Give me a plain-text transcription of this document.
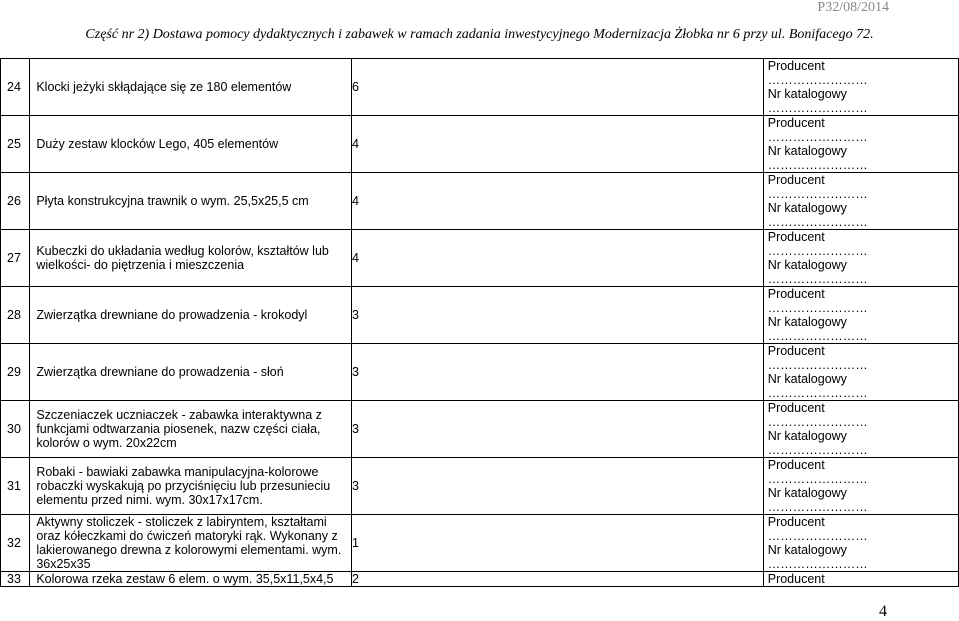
P32/08/2014
Część nr 2) Dostawa pomocy dydaktycznych i zabawek w ramach zadania inwestycyjnego Modernizacja Żłobka nr 6 przy ul. Bonifacego 72.
24	Klocki jeżyki skłądające się ze 180 elementów	6	Producent
……………………
Nr katalogowy
……………………

25	Duży zestaw klocków Lego, 405 elementów	4	Producent
……………………
Nr katalogowy
……………………

26	Płyta konstrukcyjna trawnik o wym. 25,5x25,5 cm	4	Producent
……………………
Nr katalogowy
……………………

27	Kubeczki do układania według kolorów, kształtów lub wielkości- do piętrzenia i mieszczenia	4	Producent
……………………
Nr katalogowy
……………………

28	Zwierzątka drewniane do prowadzenia - krokodyl	3	Producent
……………………
Nr katalogowy
……………………

29	Zwierzątka drewniane do prowadzenia - słoń	3	Producent
……………………
Nr katalogowy
……………………

30	Szczeniaczek uczniaczek - zabawka interaktywna z funkcjami odtwarzania piosenek, nazw części ciała, kolorów o wym. 20x22cm	3	Producent
……………………
Nr katalogowy
……………………

31	Robaki - bawiaki zabawka manipulacyjna-kolorowe robaczki wyskakują po przyciśnięciu lub przesunieciu elementu przed nimi. wym. 30x17x17cm.	3	Producent
……………………
Nr katalogowy
……………………

32	Aktywny stoliczek - stoliczek z labiryntem, kształtami oraz kółeczkami do ćwiczeń matoryki rąk. Wykonany z lakierowanego drewna z kolorowymi elementami. wym. 36x25x35	1	Producent
……………………
Nr katalogowy
……………………

33	Kolorowa rzeka zestaw 6 elem. o wym. 35,5x11,5x4,5	2	Producent
4
